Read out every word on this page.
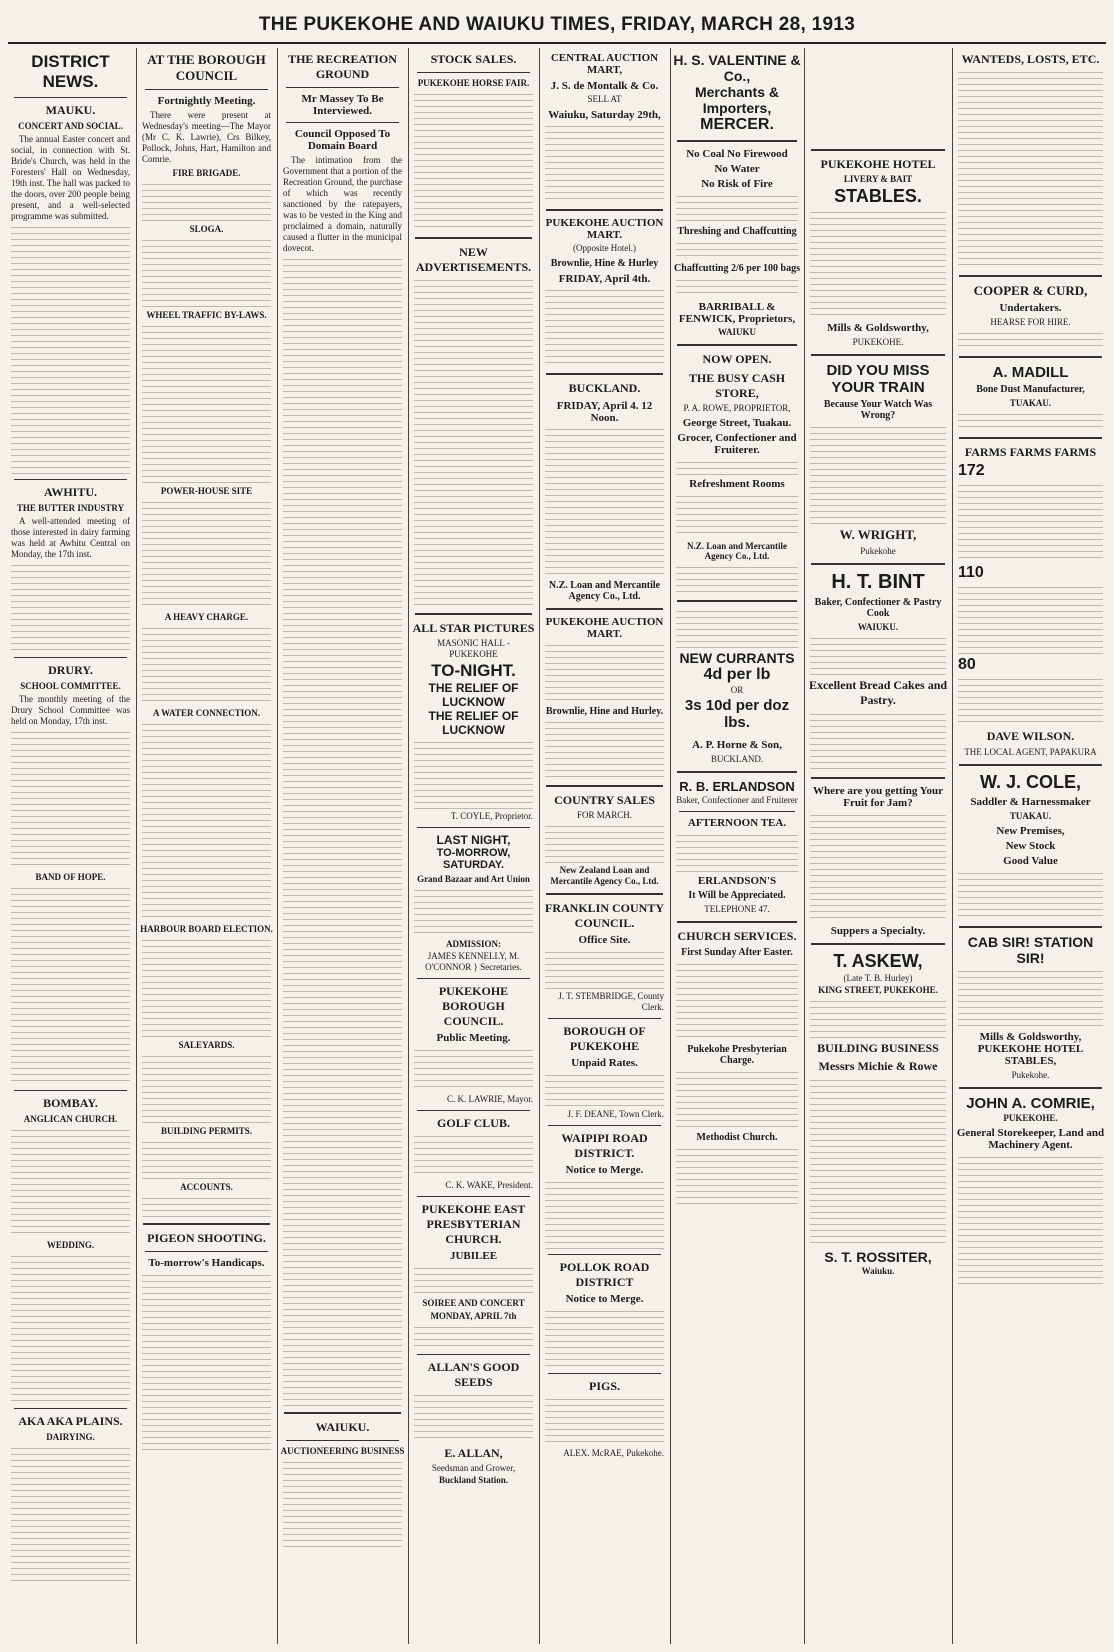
THE PUKEKOHE AND WAIUKU TIMES, FRIDAY, MARCH 28, 1913
DISTRICT NEWS.
MAUKU.
CONCERT AND SOCIAL.
The annual Easter concert and social, in connection with St. Bride's Church, was held in the Foresters' Hall on Wednesday, 19th inst. The hall was packed to the doors, over 200 people being present, and a well-selected programme was submitted.
AWHITU.
THE BUTTER INDUSTRY
A well-attended meeting of those interested in dairy farming was held at Awhitu Central on Monday, the 17th inst.
DRURY.
SCHOOL COMMITTEE.
The monthly meeting of the Drury School Committee was held on Monday, 17th inst.
BAND OF HOPE.
BOMBAY.
ANGLICAN CHURCH.
WEDDING.
AKA AKA PLAINS.
DAIRYING.
AT THE BOROUGH COUNCIL
Fortnightly Meeting.
There were present at Wednesday's meeting—The Mayor (Mr C. K. Lawrie), Crs Bilkey, Pollock, Johns, Hart, Hamilton and Comrie.
FIRE BRIGADE.
SLOGA.
WHEEL TRAFFIC BY-LAWS.
POWER-HOUSE SITE
A HEAVY CHARGE.
A WATER CONNECTION.
HARBOUR BOARD ELECTION.
SALEYARDS.
BUILDING PERMITS.
ACCOUNTS.
PIGEON SHOOTING.
To-morrow's Handicaps.
THE RECREATION GROUND
Mr Massey To Be Interviewed.
Council Opposed To Domain Board
The intimation from the Government that a portion of the Recreation Ground, the purchase of which was recently sanctioned by the ratepayers, was to be vested in the King and proclaimed a domain, naturally caused a flutter in the municipal dovecot.
WAIUKU.
AUCTIONEERING BUSINESS
STOCK SALES.
PUKEKOHE HORSE FAIR.
NEW ADVERTISEMENTS.
ALL STAR PICTURES
MASONIC HALL - PUKEKOHE
TO-NIGHT.
THE RELIEF OF LUCKNOW
THE RELIEF OF LUCKNOW
T. COYLE, Proprietor.
LAST NIGHT,
TO-MORROW, SATURDAY.
Grand Bazaar and Art Union
ADMISSION:
JAMES KENNELLY, M. O'CONNOR } Secretaries.
PUKEKOHE BOROUGH COUNCIL.
Public Meeting.
C. K. LAWRIE, Mayor.
GOLF CLUB.
C. K. WAKE, President.
PUKEKOHE EAST PRESBYTERIAN CHURCH.
JUBILEE
SOIREE AND CONCERT
MONDAY, APRIL 7th
ALLAN'S GOOD SEEDS
E. ALLAN,
Seedsman and Grower,
Buckland Station.
CENTRAL AUCTION MART,
J. S. de Montalk & Co.
SELL AT
Waiuku, Saturday 29th,
PUKEKOHE AUCTION MART.
(Opposite Hotel.)
Brownlie, Hine & Hurley
FRIDAY, April 4th.
BUCKLAND.
FRIDAY, April 4. 12 Noon.
N.Z. Loan and Mercantile Agency Co., Ltd.
PUKEKOHE AUCTION MART.
Brownlie, Hine and Hurley.
COUNTRY SALES
FOR MARCH.
New Zealand Loan and Mercantile Agency Co., Ltd.
FRANKLIN COUNTY COUNCIL.
Office Site.
J. T. STEMBRIDGE, County Clerk.
BOROUGH OF PUKEKOHE
Unpaid Rates.
J. F. DEANE, Town Clerk.
WAIPIPI ROAD DISTRICT.
Notice to Merge.
POLLOK ROAD DISTRICT
Notice to Merge.
PIGS.
ALEX. McRAE, Pukekohe.
H. S. VALENTINE & Co.,
Merchants & Importers,
MERCER.
No Coal No Firewood
No Water
No Risk of Fire
Threshing and Chaffcutting
Chaffcutting 2/6 per 100 bags
BARRIBALL & FENWICK, Proprietors,
WAIUKU
NOW OPEN.
THE BUSY CASH STORE,
P. A. ROWE, PROPRIETOR,
George Street, Tuakau.
Grocer, Confectioner and Fruiterer.
Refreshment Rooms
N.Z. Loan and Mercantile Agency Co., Ltd.
NEW CURRANTS
4d per lb
OR
3s 10d per doz lbs.
A. P. Horne & Son,
BUCKLAND.
R. B. ERLANDSON
Baker, Confectioner and Fruiterer
AFTERNOON TEA.
ERLANDSON'S
It Will be Appreciated.
TELEPHONE 47.
CHURCH SERVICES.
First Sunday After Easter.
Pukekohe Presbyterian Charge.
Methodist Church.
PUKEKOHE HOTEL
LIVERY & BAIT
STABLES.
Mills & Goldsworthy,
PUKEKOHE.
DID YOU MISS YOUR TRAIN
Because Your Watch Was Wrong?
W. WRIGHT,
Pukekohe
H. T. BINT
Baker, Confectioner & Pastry Cook
WAIUKU.
Excellent Bread Cakes and Pastry.
Where are you getting Your Fruit for Jam?
Suppers a Specialty.
T. ASKEW,
(Late T. B. Hurley)
KING STREET, PUKEKOHE.
BUILDING BUSINESS
Messrs Michie & Rowe
S. T. ROSSITER,
Waiuku.
WANTEDS, LOSTS, ETC.
COOPER & CURD,
Undertakers.
HEARSE FOR HIRE.
A. MADILL
Bone Dust Manufacturer,
TUAKAU.
FARMS FARMS FARMS
172
110
80
DAVE WILSON.
THE LOCAL AGENT, PAPAKURA
W. J. COLE,
Saddler & Harnessmaker
TUAKAU.
New Premises,
New Stock
Good Value
CAB SIR! STATION SIR!
Mills & Goldsworthy, PUKEKOHE HOTEL STABLES,
Pukekohe.
JOHN A. COMRIE,
PUKEKOHE.
General Storekeeper, Land and Machinery Agent.
